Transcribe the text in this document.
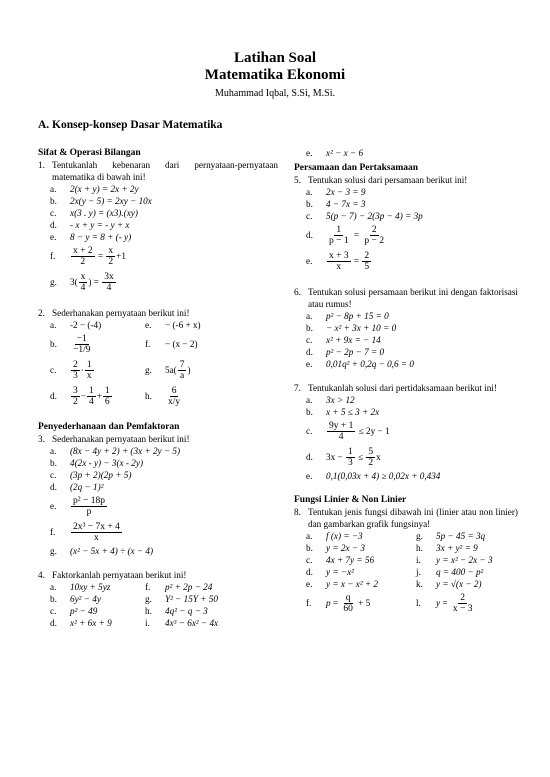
Latihan Soal
Matematika Ekonomi
Muhammad Iqbal, S.Si, M.Si.
A. Konsep-konsep Dasar Matematika

Sifat & Operasi Bilangan

1. Tentukanlah kebenaran dari pernyataan-pernyataan matematika di bawah ini!
a.	2(x + y) = 2x + 2y
b.	2x(y − 5) = 2xy − 10x
c.	x(3 . y) = (x3).(xy)
d.	- x + y = - y + x
e.	8 − y = 8 + (- y)
f.	$\frac{x + 2}{2} = \frac{x}{2} +1$
g.	3 ( $\frac{x}{4}$ ) = $\frac{3x}{4}$
2. Sederhanakan pernyataan berikut ini!
a.	-2 − (-4)	e.	− (-6 + x)
b.	$\frac{-1}{-1/9}$	f.	− (x − 2)
c.	$\frac{2}{3} \cdot \frac{1}{x}$	g.	$5a( \frac{7}{a}$ )
d.	$\frac{3}{2} - \frac{1}{4} + \frac{1}{6}$	h.	$\frac{6}{x/y}$

Penyederhanaan dan Pemfaktoran

3. Sederhanakan pernyataan berikut ini!
a.	(8x − 4y + 2) + (3x + 2y − 5)
b.	4(2x - y) − 3(x - 2y)
c.	(3p + 2)(2p + 5)
d.	(2q − 1)²
e.	$\frac{\text{p² − 18p}}{p}$
f.	$\frac{\text{2x³ − 7x + 4}}{x}$
g.	(x² − 5x + 4) ÷ (x − 4)
4. Faktorkanlah pernyataan berikut ini!
a.	10xy + 5yz	f.	p² + 2p − 24
b.	6y² − 4y	g.	Y² − 15Y + 50
c.	p² − 49	h.	4q² − q − 3
d.	x² + 6x + 9	i.	4x³ − 6x² − 4x
e.	x² − x − 6

Persamaan dan Pertaksamaan

5. Tentukan solusi dari persamaan berikut ini!
a.	2x − 3 = 9
b.	4 − 7x = 3
c.	5(p − 7) − 2(3p − 4) = 3p
d.	$\frac{1}{p - 1} = \frac{2}{p - 2}$
e.	$\frac{x + 3}{x} = \frac{2}{5}$
6. Tentukan solusi persamaan berikut ini dengan faktorisasi atau rumus!
a.	p² − 8p + 15 = 0
b.	− x² + 3x + 10 = 0
c.	x² + 9x = − 14
d.	p² − 2p − 7 = 0
e.	0,01q² + 0,2q − 0,6 = 0
7. Tentukanlah solusi dari pertidaksamaan berikut ini!
a.	3x > 12
b.	x + 5 ≤ 3 + 2x
c.	$\frac{9y + 1}{4} \le 2y - 1$
d.	$3x - \frac{1}{3} \le \frac{5}{2}$ x
e.	0,1(0,03x + 4) ≥ 0,02x + 0,434

Fungsi Linier & Non Linier

8. Tentukan jenis fungsi dibawah ini (linier atau non linier) dan gambarkan grafik fungsinya!
a.	f (x) = −3	g.	5p − 45 = 3q
b.	y = 2x − 3	h.	3x + y² = 9
c.	4x + 7y = 56	i.	y = x² − 2x − 3
d.	y = −x²	j.	q = 400 − p²
e.	y = x − x² + 2	k.	y = √(x − 2)
f.	$p = \frac{q}{60} + 5$	l.	$y = \frac{2}{x - 3}$
